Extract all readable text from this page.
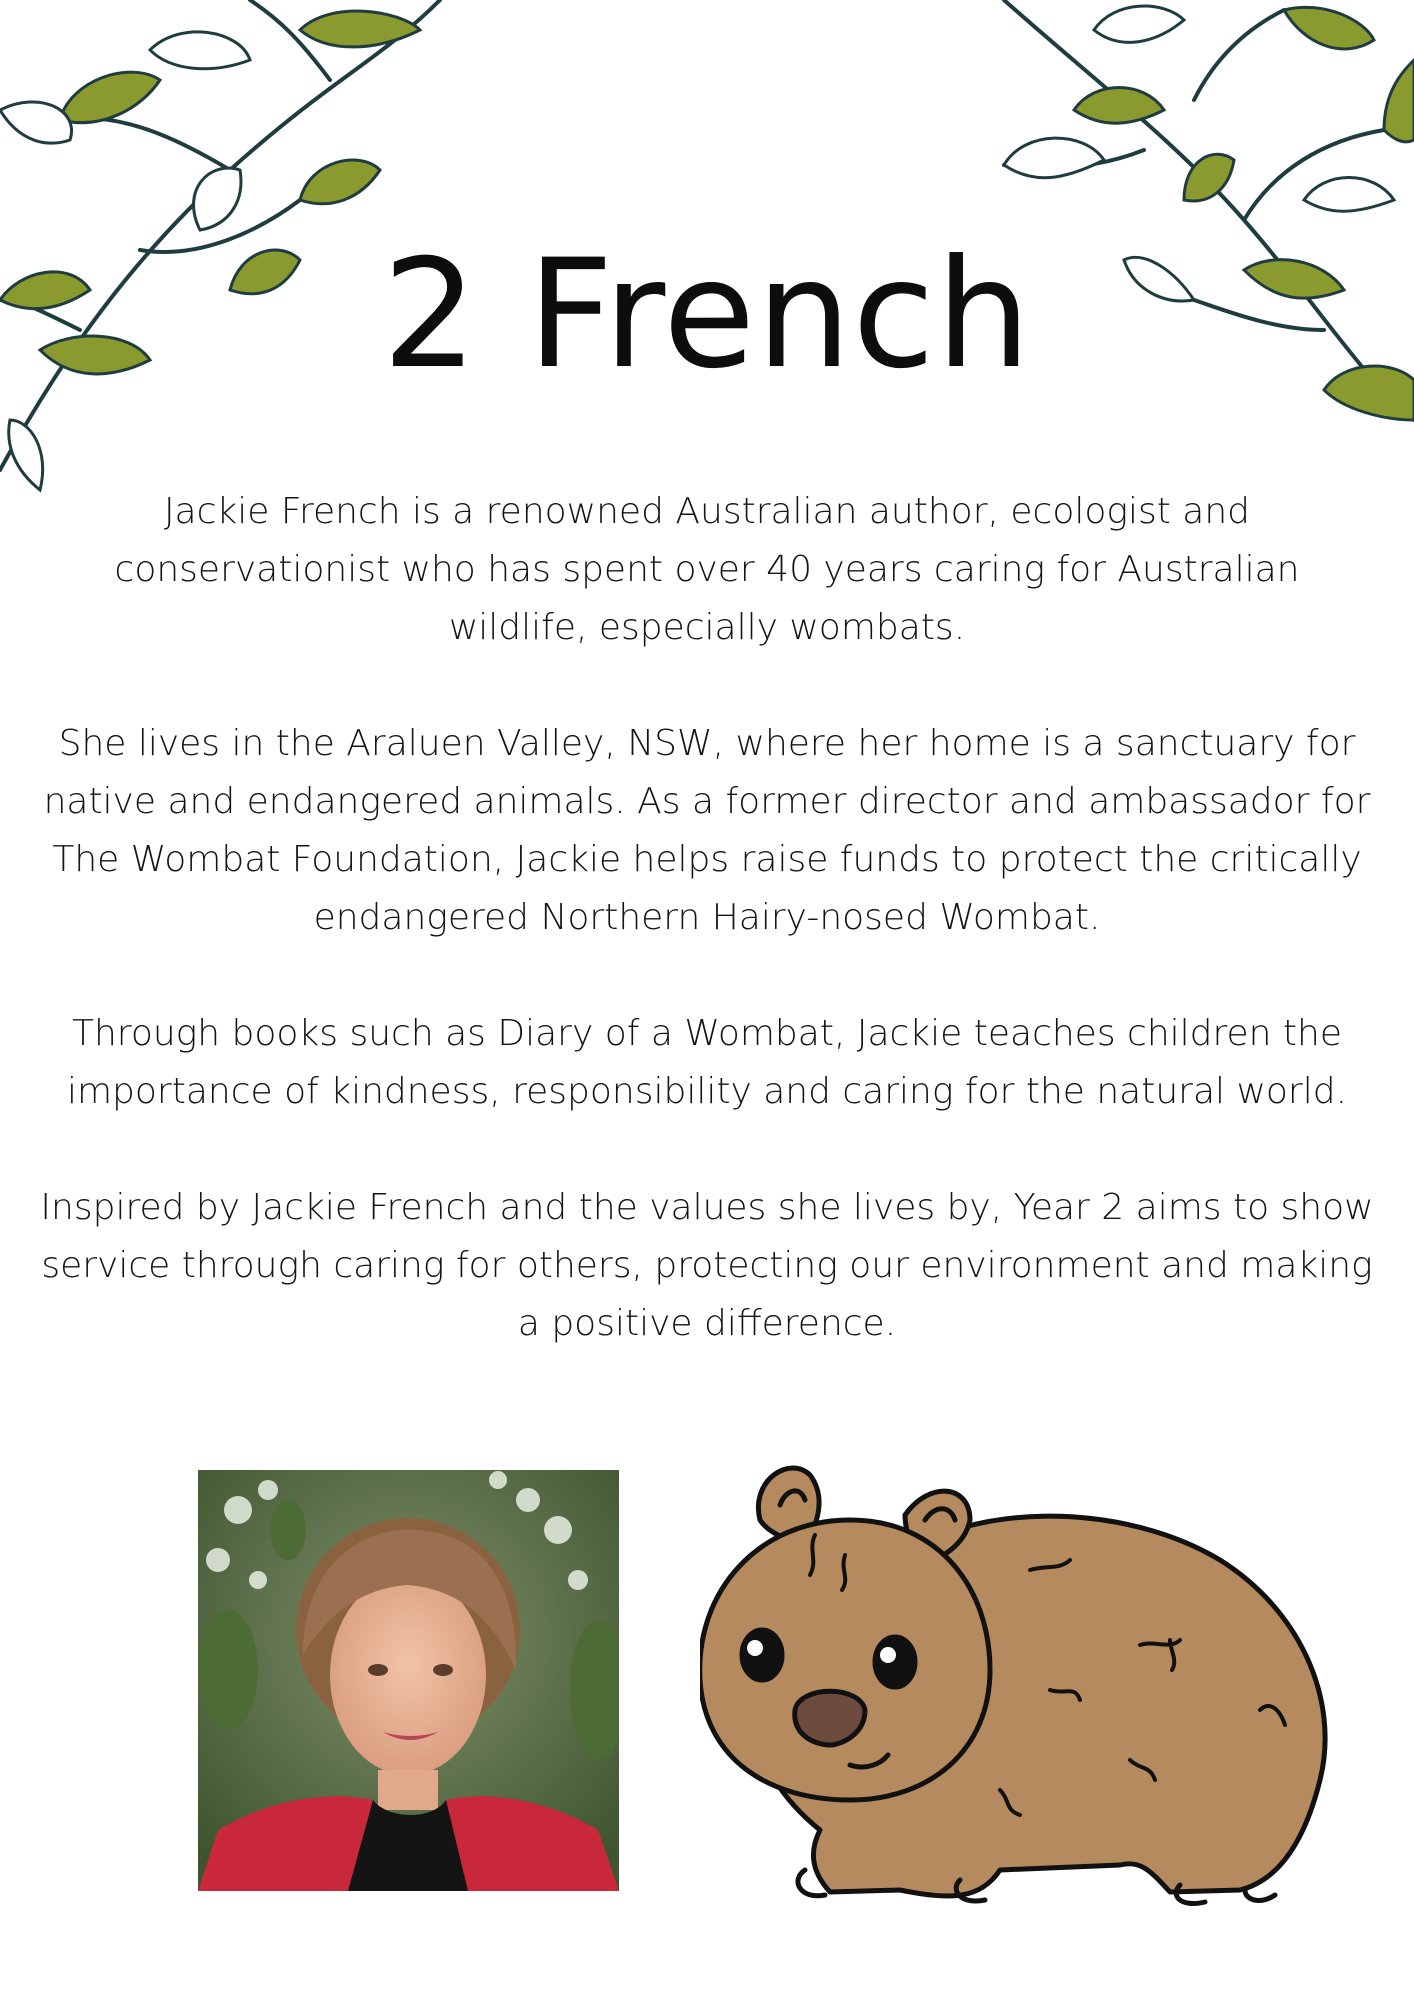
2 French

Jackie French is a renowned Australian author, ecologist and conservationist who has spent over 40 years caring for Australian wildlife, especially wombats.

She lives in the Araluen Valley, NSW, where her home is a sanctuary for native and endangered animals. As a former director and ambassador for The Wombat Foundation, Jackie helps raise funds to protect the critically endangered Northern Hairy-nosed Wombat.

Through books such as Diary of a Wombat, Jackie teaches children the importance of kindness, responsibility and caring for the natural world.

Inspired by Jackie French and the values she lives by, Year 2 aims to show service through caring for others, protecting our environment and making a positive difference.
